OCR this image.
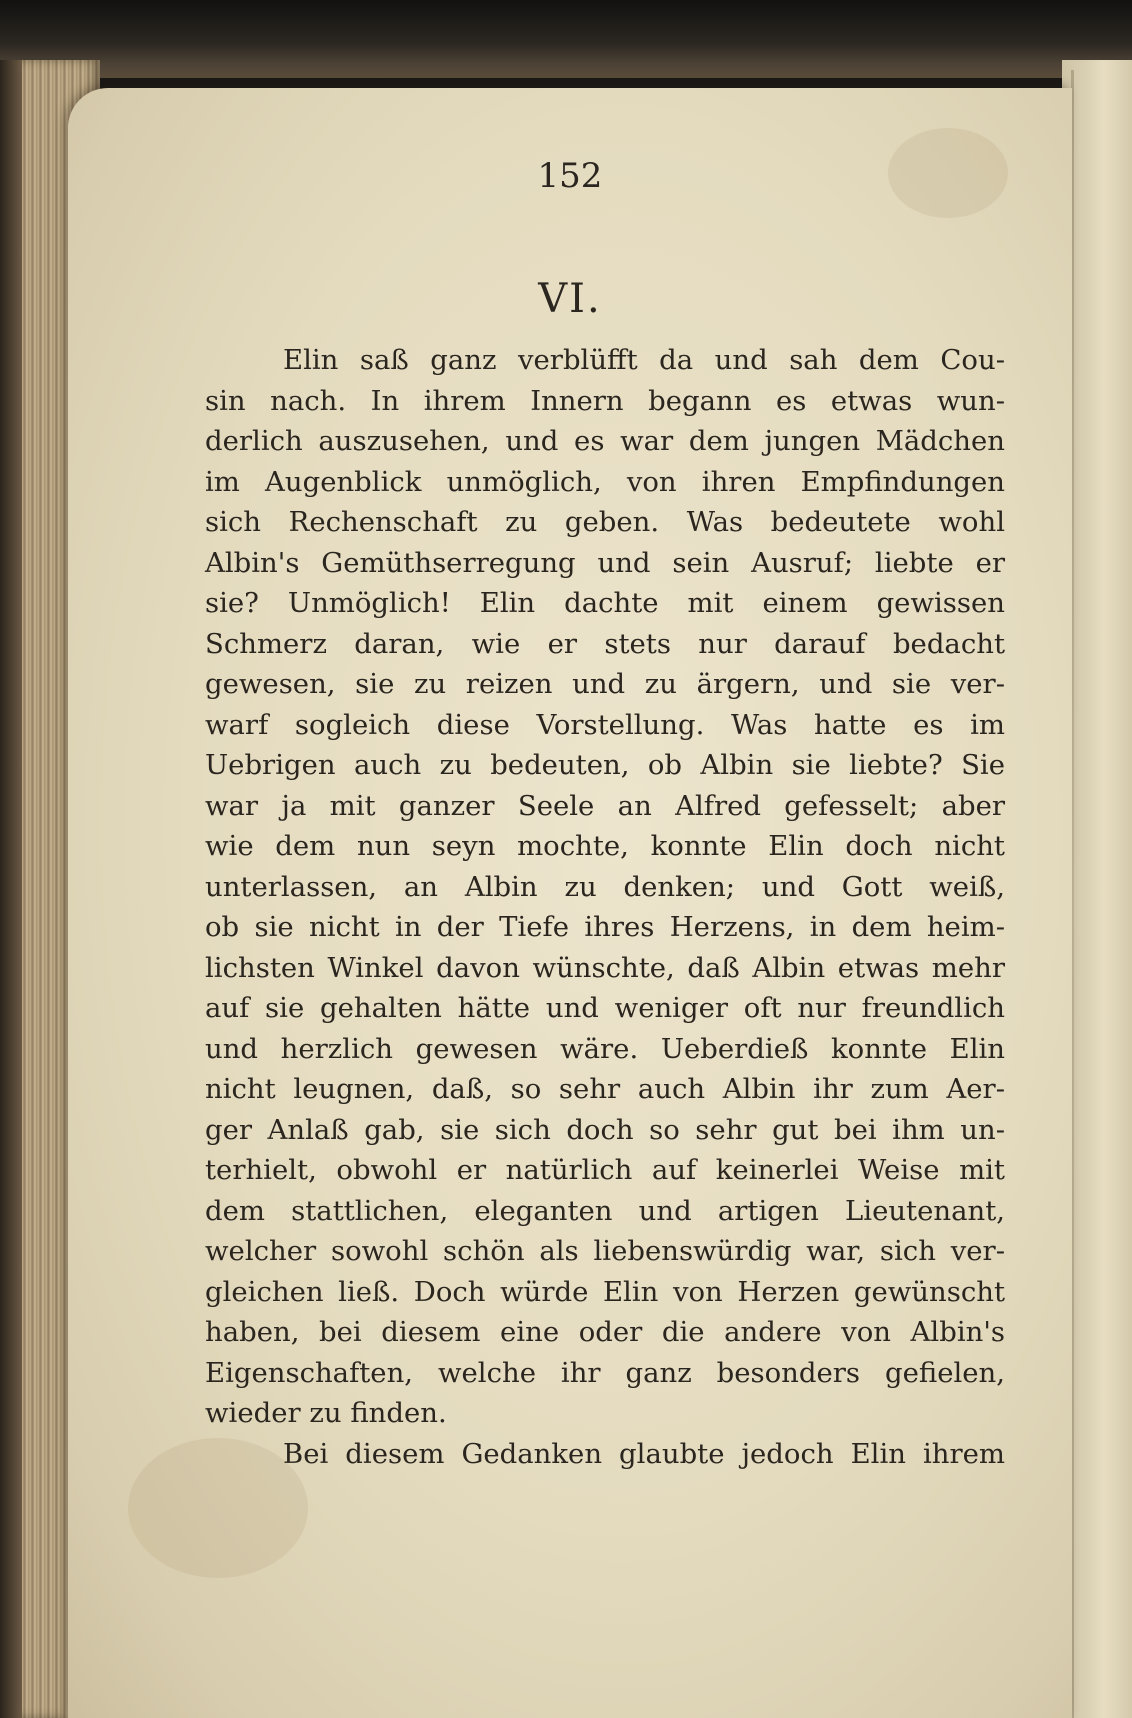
152
VI.
Elin saß ganz verblüfft da und sah dem Cou-
sin nach. In ihrem Innern begann es etwas wun-
derlich auszusehen, und es war dem jungen Mädchen
im Augenblick unmöglich, von ihren Empfindungen
sich Rechenschaft zu geben. Was bedeutete wohl
Albin's Gemüthserregung und sein Ausruf; liebte er
sie? Unmöglich! Elin dachte mit einem gewissen
Schmerz daran, wie er stets nur darauf bedacht
gewesen, sie zu reizen und zu ärgern, und sie ver-
warf sogleich diese Vorstellung. Was hatte es im
Uebrigen auch zu bedeuten, ob Albin sie liebte? Sie
war ja mit ganzer Seele an Alfred gefesselt; aber
wie dem nun seyn mochte, konnte Elin doch nicht
unterlassen, an Albin zu denken; und Gott weiß,
ob sie nicht in der Tiefe ihres Herzens, in dem heim-
lichsten Winkel davon wünschte, daß Albin etwas mehr
auf sie gehalten hätte und weniger oft nur freundlich
und herzlich gewesen wäre. Ueberdieß konnte Elin
nicht leugnen, daß, so sehr auch Albin ihr zum Aer-
ger Anlaß gab, sie sich doch so sehr gut bei ihm un-
terhielt, obwohl er natürlich auf keinerlei Weise mit
dem stattlichen, eleganten und artigen Lieutenant,
welcher sowohl schön als liebenswürdig war, sich ver-
gleichen ließ. Doch würde Elin von Herzen gewünscht
haben, bei diesem eine oder die andere von Albin's
Eigenschaften, welche ihr ganz besonders gefielen,
wieder zu finden.
Bei diesem Gedanken glaubte jedoch Elin ihrem
